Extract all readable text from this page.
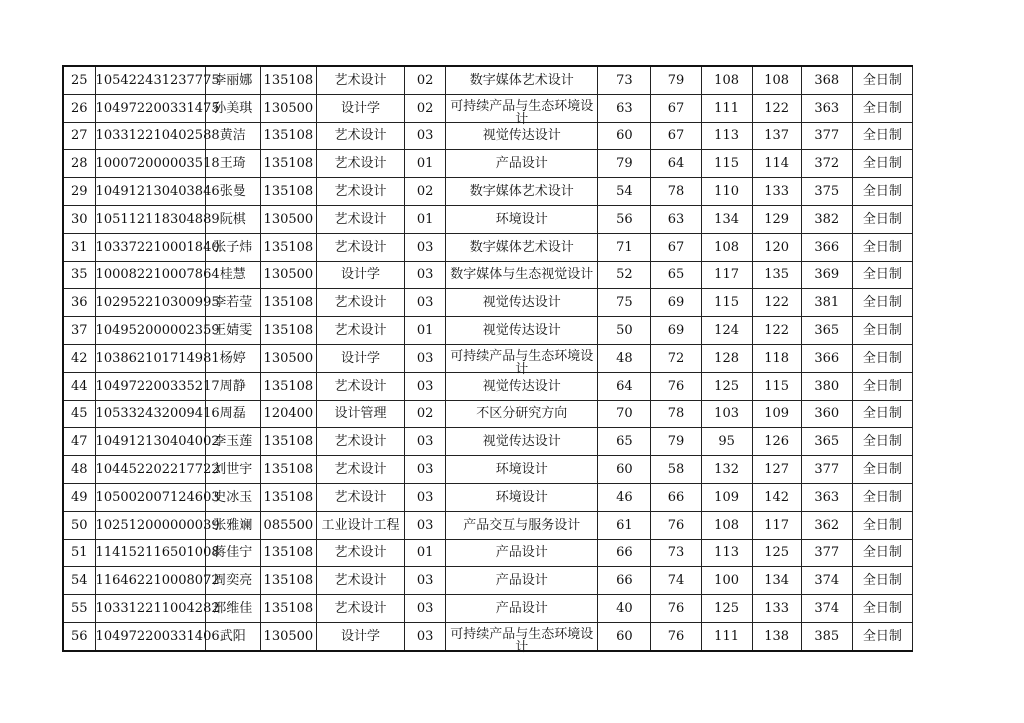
25	105422431237775	李丽娜	135108	艺术设计	02	数字媒体艺术设计	73	79	108	108	368	全日制
26	104972200331475	孙美琪	130500	设计学	02	可持续产品与生态环境设计	63	67	111	122	363	全日制
27	103312210402588	黄洁	135108	艺术设计	03	视觉传达设计	60	67	113	137	377	全日制
28	100072000003518	王琦	135108	艺术设计	01	产品设计	79	64	115	114	372	全日制
29	104912130403846	张曼	135108	艺术设计	02	数字媒体艺术设计	54	78	110	133	375	全日制
30	105112118304889	阮棋	130500	艺术设计	01	环境设计	56	63	134	129	382	全日制
31	103372210001840	张子炜	135108	艺术设计	03	数字媒体艺术设计	71	67	108	120	366	全日制
35	100082210007864	桂慧	130500	设计学	03	数字媒体与生态视觉设计	52	65	117	135	369	全日制
36	102952210300995	李若莹	135108	艺术设计	03	视觉传达设计	75	69	115	122	381	全日制
37	104952000002359	王婧雯	135108	艺术设计	01	视觉传达设计	50	69	124	122	365	全日制
42	103862101714981	杨婷	130500	设计学	03	可持续产品与生态环境设计	48	72	128	118	366	全日制
44	104972200335217	周静	135108	艺术设计	03	视觉传达设计	64	76	125	115	380	全日制
45	105332432009416	周磊	120400	设计管理	02	不区分研究方向	70	78	103	109	360	全日制
47	104912130404002	李玉莲	135108	艺术设计	03	视觉传达设计	65	79	95	126	365	全日制
48	104452202217722	刘世宇	135108	艺术设计	03	环境设计	60	58	132	127	377	全日制
49	105002007124603	史冰玉	135108	艺术设计	03	环境设计	46	66	109	142	363	全日制
50	102512000000039	张雅斓	085500	工业设计工程	03	产品交互与服务设计	61	76	108	117	362	全日制
51	114152116501008	蒋佳宁	135108	艺术设计	01	产品设计	66	73	113	125	377	全日制
54	116462210008072	周奕亮	135108	艺术设计	03	产品设计	66	74	100	134	374	全日制
55	103312211004282	邢维佳	135108	艺术设计	03	产品设计	40	76	125	133	374	全日制
56	104972200331406	武阳	130500	设计学	03	可持续产品与生态环境设计	60	76	111	138	385	全日制
